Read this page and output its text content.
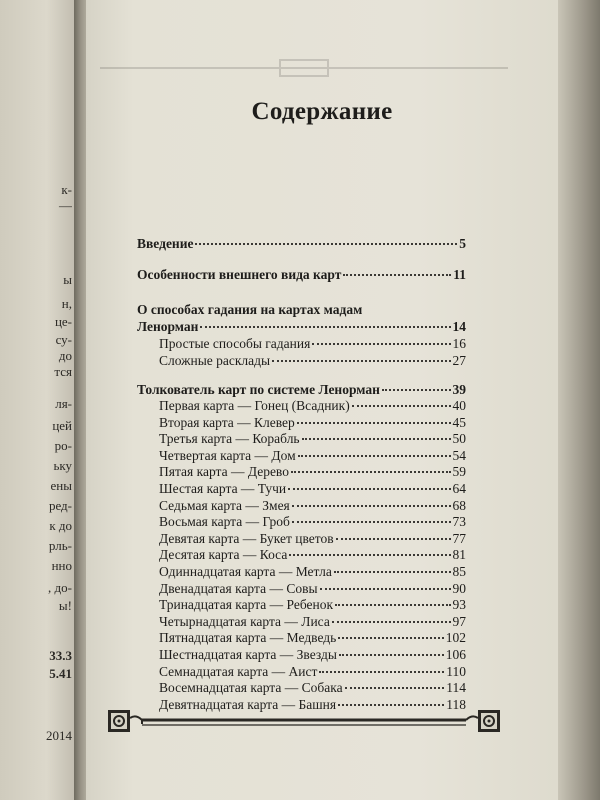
к-
—
ы
н,
це-
су-
до
тся
ля-
цей
ро-
ьку
ены
ред-
к до
рль-
нно
, до-
ы!
33.3
5.41
2014
Содержание
Введение	5
Особенности внешнего вида карт	11
О способах гадания на картах мадам
Ленорман	14
Простые способы гадания	16
Сложные расклады	27
Толкователь карт по системе Ленорман	39
Первая карта — Гонец (Всадник)	40
Вторая карта — Клевер	45
Третья карта — Корабль	50
Четвертая карта — Дом	54
Пятая карта — Дерево	59
Шестая карта — Тучи	64
Седьмая карта — Змея	68
Восьмая карта — Гроб	73
Девятая карта — Букет цветов	77
Десятая карта — Коса	81
Одиннадцатая карта — Метла	85
Двенадцатая карта — Совы	90
Тринадцатая карта — Ребенок	93
Четырнадцатая карта — Лиса	97
Пятнадцатая карта — Медведь	102
Шестнадцатая карта — Звезды	106
Семнадцатая карта — Аист	110
Восемнадцатая карта — Собака	114
Девятнадцатая карта — Башня	118
